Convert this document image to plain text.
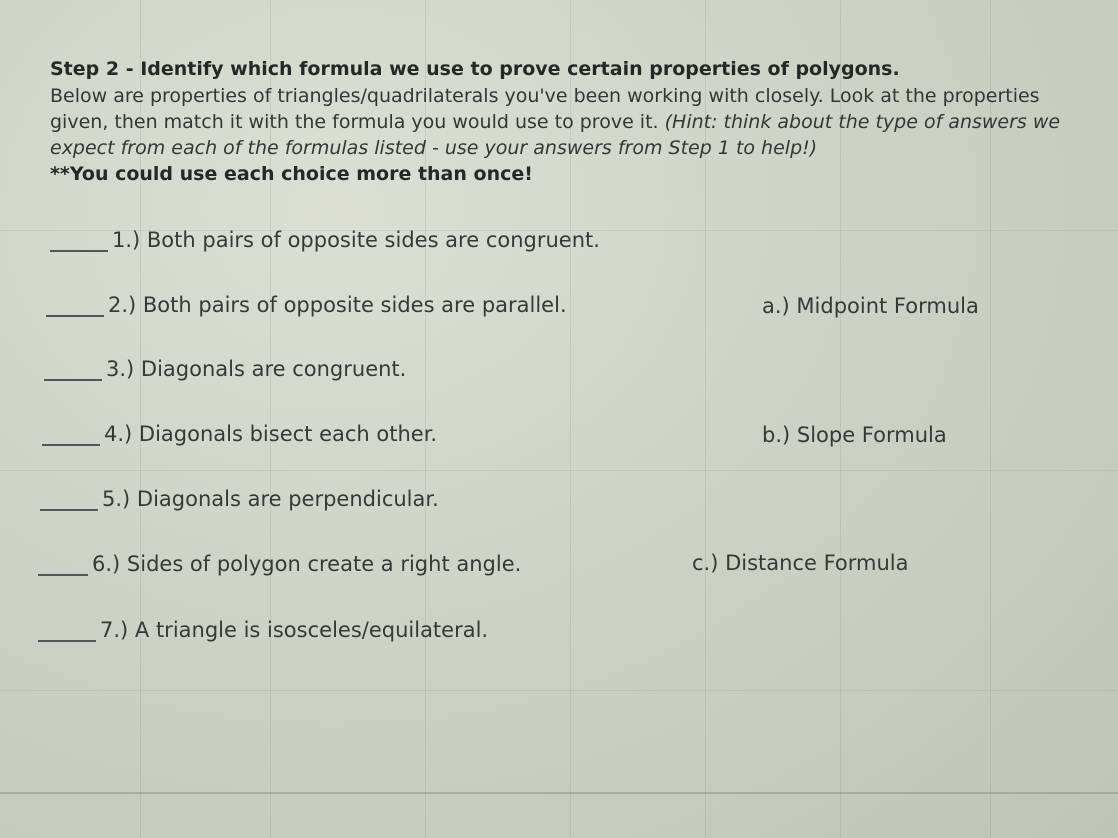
Step 2 - Identify which formula we use to prove certain properties of polygons.

Below are properties of triangles/quadrilaterals you've been working with closely. Look at the properties given, then match it with the formula you would use to prove it. (Hint: think about the type of answers we expect from each of the formulas listed - use your answers from Step 1 to help!)

**You could use each choice more than once!

1.) Both pairs of opposite sides are congruent.
2.) Both pairs of opposite sides are parallel.
3.) Diagonals are congruent.
4.) Diagonals bisect each other.
5.) Diagonals are perpendicular.
6.) Sides of polygon create a right angle.
7.) A triangle is isosceles/equilateral.
a.) Midpoint Formula
b.) Slope Formula
c.) Distance Formula
